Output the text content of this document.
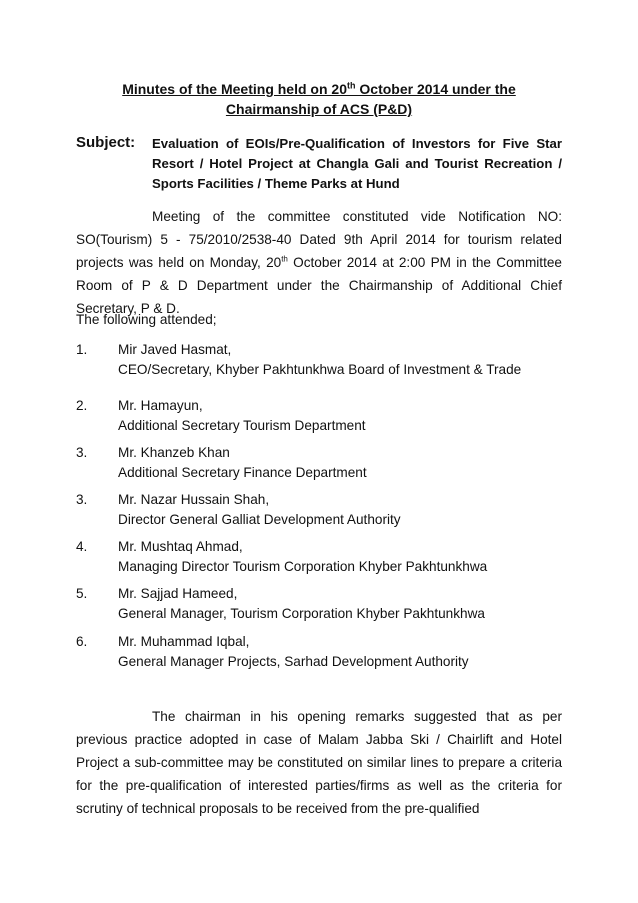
Minutes of the Meeting held on 20th October 2014 under the
Chairmanship of ACS (P&D)
Subject: Evaluation of EOIs/Pre-Qualification of Investors for Five Star Resort / Hotel Project at Changla Gali and Tourist Recreation / Sports Facilities / Theme Parks at Hund
Meeting of the committee constituted vide Notification NO: SO(Tourism) 5 - 75/2010/2538-40 Dated 9th April 2014 for tourism related projects was held on Monday, 20th October 2014 at 2:00 PM in the Committee Room of P & D Department under the Chairmanship of Additional Chief Secretary, P & D.
The following attended;
1. Mir Javed Hasmat,
CEO/Secretary, Khyber Pakhtunkhwa Board of Investment & Trade
2. Mr. Hamayun,
Additional Secretary Tourism Department
3. Mr. Khanzeb Khan
Additional Secretary Finance Department
3. Mr. Nazar Hussain Shah,
Director General Galliat Development Authority
4. Mr. Mushtaq Ahmad,
Managing Director Tourism Corporation Khyber Pakhtunkhwa
5. Mr. Sajjad Hameed,
General Manager, Tourism Corporation Khyber Pakhtunkhwa
6. Mr. Muhammad Iqbal,
General Manager Projects, Sarhad Development Authority
The chairman in his opening remarks suggested that as per previous practice adopted in case of Malam Jabba Ski / Chairlift and Hotel Project a sub-committee may be constituted on similar lines to prepare a criteria for the pre-qualification of interested parties/firms as well as the criteria for scrutiny of technical proposals to be received from the pre-qualified
